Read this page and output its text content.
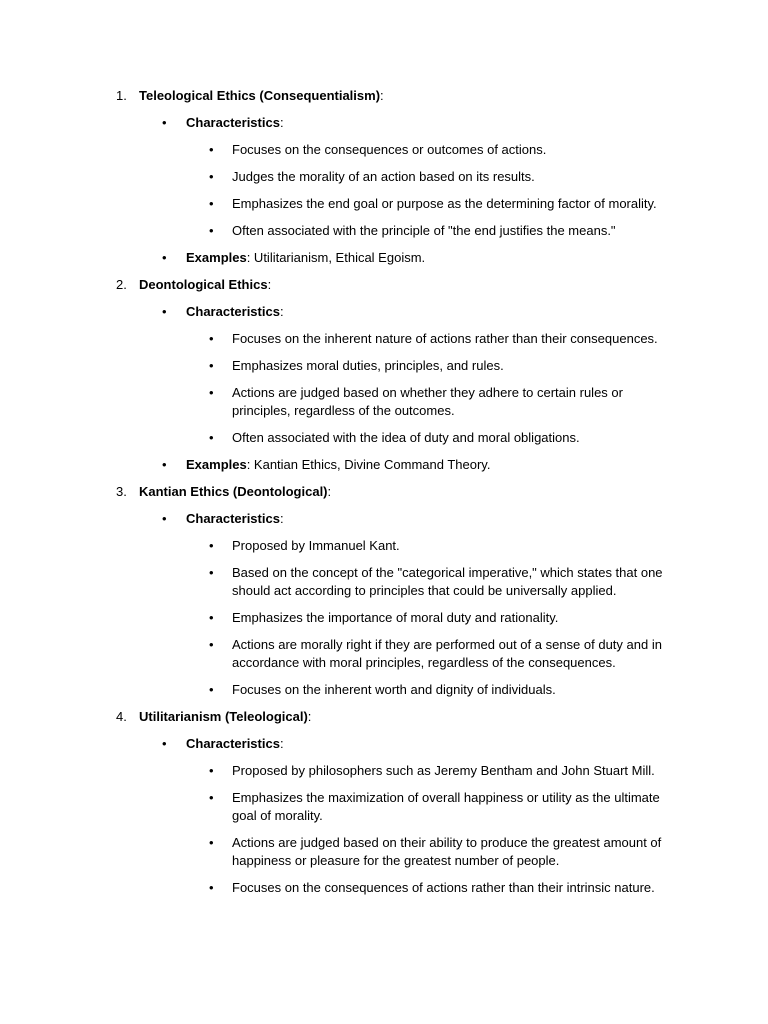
1. Teleological Ethics (Consequentialism):
• Characteristics:
• Focuses on the consequences or outcomes of actions.
• Judges the morality of an action based on its results.
• Emphasizes the end goal or purpose as the determining factor of morality.
• Often associated with the principle of "the end justifies the means."
• Examples: Utilitarianism, Ethical Egoism.
2. Deontological Ethics:
• Characteristics:
• Focuses on the inherent nature of actions rather than their consequences.
• Emphasizes moral duties, principles, and rules.
• Actions are judged based on whether they adhere to certain rules or principles, regardless of the outcomes.
• Often associated with the idea of duty and moral obligations.
• Examples: Kantian Ethics, Divine Command Theory.
3. Kantian Ethics (Deontological):
• Characteristics:
• Proposed by Immanuel Kant.
• Based on the concept of the "categorical imperative," which states that one should act according to principles that could be universally applied.
• Emphasizes the importance of moral duty and rationality.
• Actions are morally right if they are performed out of a sense of duty and in accordance with moral principles, regardless of the consequences.
• Focuses on the inherent worth and dignity of individuals.
4. Utilitarianism (Teleological):
• Characteristics:
• Proposed by philosophers such as Jeremy Bentham and John Stuart Mill.
• Emphasizes the maximization of overall happiness or utility as the ultimate goal of morality.
• Actions are judged based on their ability to produce the greatest amount of happiness or pleasure for the greatest number of people.
• Focuses on the consequences of actions rather than their intrinsic nature.
